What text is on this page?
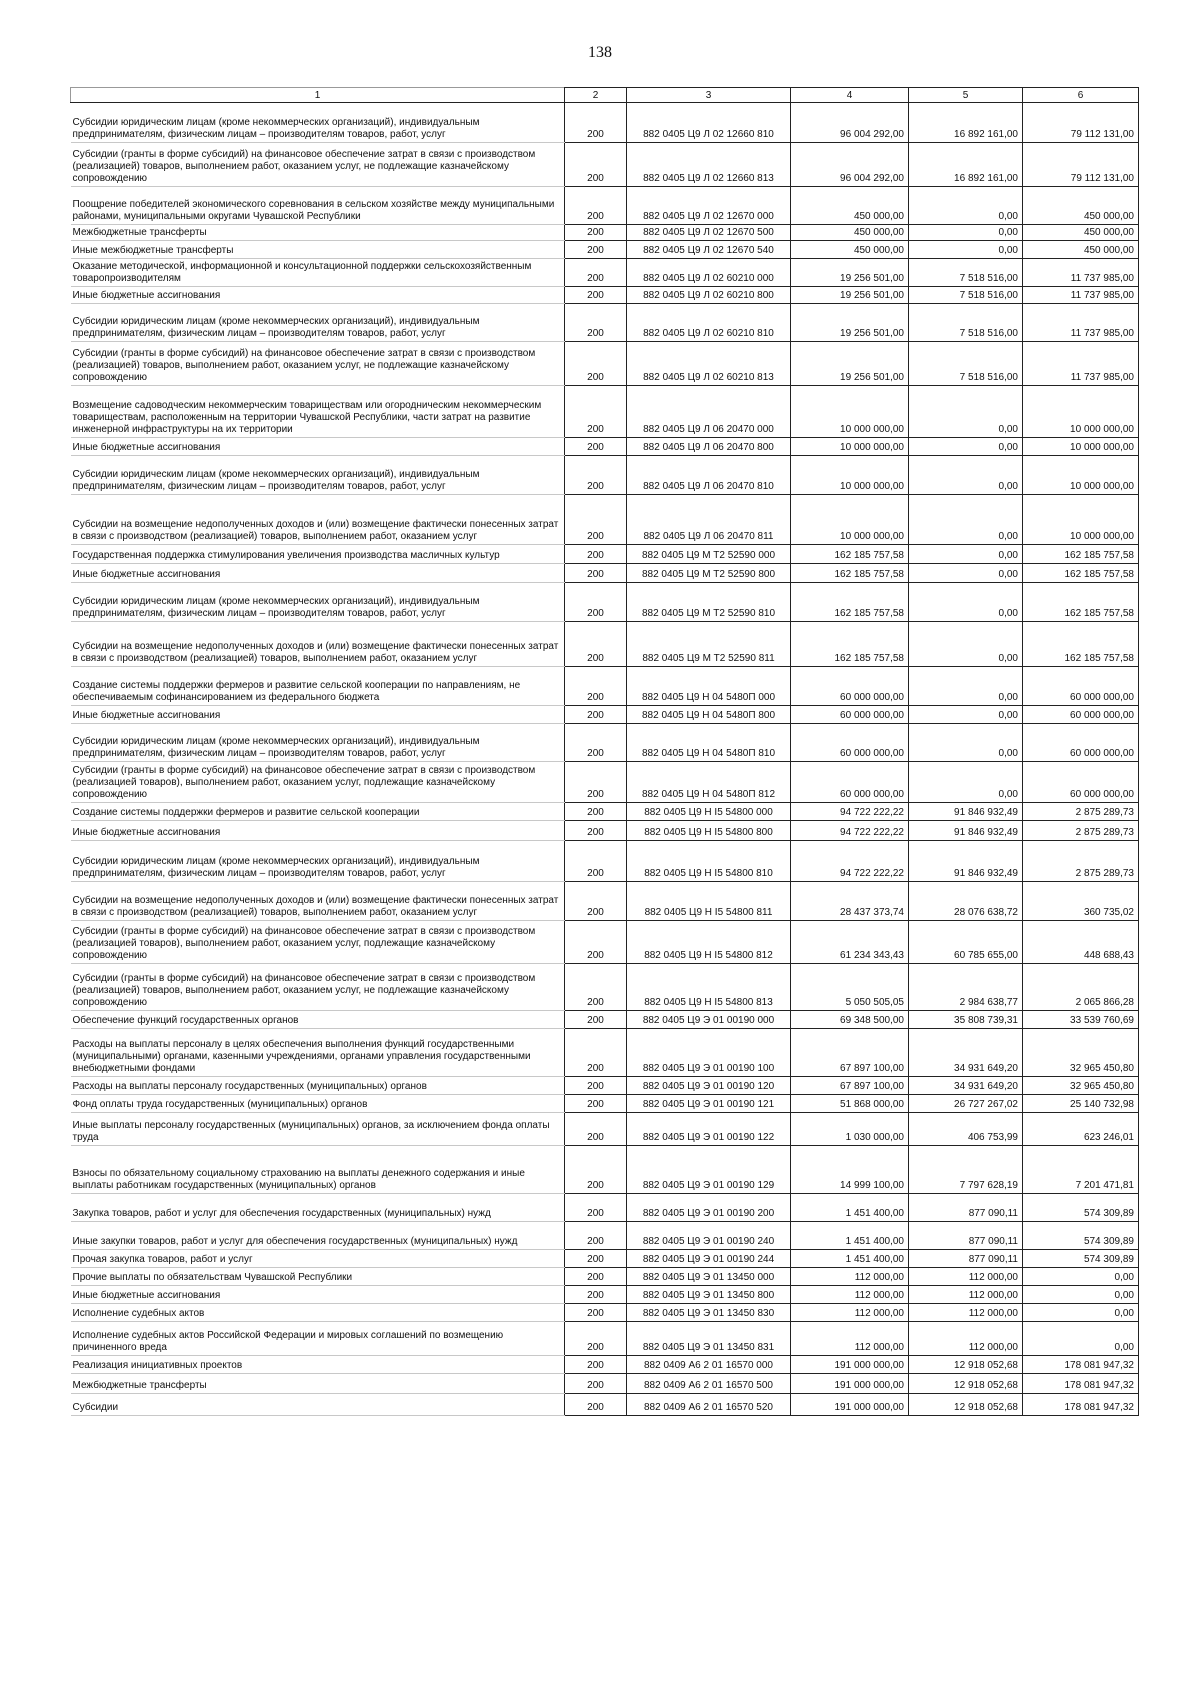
138
1	2	3	4	5	6
Субсидии юридическим лицам (кроме некоммерческих организаций), индивидуальным предпринимателям, физическим лицам – производителям товаров, работ, услуг	200	882 0405 Ц9 Л 02 12660 810	96 004 292,00	16 892 161,00	79 112 131,00
Субсидии (гранты в форме субсидий) на финансовое обеспечение затрат в связи с производством (реализацией) товаров, выполнением работ, оказанием услуг, не подлежащие казначейскому сопровождению	200	882 0405 Ц9 Л 02 12660 813	96 004 292,00	16 892 161,00	79 112 131,00
Поощрение победителей экономического соревнования в сельском хозяйстве между муниципальными районами, муниципальными округами Чувашской Республики	200	882 0405 Ц9 Л 02 12670 000	450 000,00	0,00	450 000,00
Межбюджетные трансферты	200	882 0405 Ц9 Л 02 12670 500	450 000,00	0,00	450 000,00
Иные межбюджетные трансферты	200	882 0405 Ц9 Л 02 12670 540	450 000,00	0,00	450 000,00
Оказание методической, информационной и консультационной поддержки сельскохозяйственным товаропроизводителям	200	882 0405 Ц9 Л 02 60210 000	19 256 501,00	7 518 516,00	11 737 985,00
Иные бюджетные ассигнования	200	882 0405 Ц9 Л 02 60210 800	19 256 501,00	7 518 516,00	11 737 985,00
Субсидии юридическим лицам (кроме некоммерческих организаций), индивидуальным предпринимателям, физическим лицам – производителям товаров, работ, услуг	200	882 0405 Ц9 Л 02 60210 810	19 256 501,00	7 518 516,00	11 737 985,00
Субсидии (гранты в форме субсидий) на финансовое обеспечение затрат в связи с производством (реализацией) товаров, выполнением работ, оказанием услуг, не подлежащие казначейскому сопровождению	200	882 0405 Ц9 Л 02 60210 813	19 256 501,00	7 518 516,00	11 737 985,00
Возмещение садоводческим некоммерческим товариществам или огородническим некоммерческим товариществам, расположенным на территории Чувашской Республики, части затрат на развитие инженерной инфраструктуры на их территории	200	882 0405 Ц9 Л 06 20470 000	10 000 000,00	0,00	10 000 000,00
Иные бюджетные ассигнования	200	882 0405 Ц9 Л 06 20470 800	10 000 000,00	0,00	10 000 000,00
Субсидии юридическим лицам (кроме некоммерческих организаций), индивидуальным предпринимателям, физическим лицам – производителям товаров, работ, услуг	200	882 0405 Ц9 Л 06 20470 810	10 000 000,00	0,00	10 000 000,00
Субсидии на возмещение недополученных доходов и (или) возмещение фактически понесенных затрат в связи с производством (реализацией) товаров, выполнением работ, оказанием услуг	200	882 0405 Ц9 Л 06 20470 811	10 000 000,00	0,00	10 000 000,00
Государственная поддержка стимулирования увеличения производства масличных культур	200	882 0405 Ц9 М Т2 52590 000	162 185 757,58	0,00	162 185 757,58
Иные бюджетные ассигнования	200	882 0405 Ц9 М Т2 52590 800	162 185 757,58	0,00	162 185 757,58
Субсидии юридическим лицам (кроме некоммерческих организаций), индивидуальным предпринимателям, физическим лицам – производителям товаров, работ, услуг	200	882 0405 Ц9 М Т2 52590 810	162 185 757,58	0,00	162 185 757,58
Субсидии на возмещение недополученных доходов и (или) возмещение фактически понесенных затрат в связи с производством (реализацией) товаров, выполнением работ, оказанием услуг	200	882 0405 Ц9 М Т2 52590 811	162 185 757,58	0,00	162 185 757,58
Создание системы поддержки фермеров и развитие сельской кооперации по направлениям, не обеспечиваемым софинансированием из федерального бюджета	200	882 0405 Ц9 Н 04 5480П 000	60 000 000,00	0,00	60 000 000,00
Иные бюджетные ассигнования	200	882 0405 Ц9 Н 04 5480П 800	60 000 000,00	0,00	60 000 000,00
Субсидии юридическим лицам (кроме некоммерческих организаций), индивидуальным предпринимателям, физическим лицам – производителям товаров, работ, услуг	200	882 0405 Ц9 Н 04 5480П 810	60 000 000,00	0,00	60 000 000,00
Субсидии (гранты в форме субсидий) на финансовое обеспечение затрат в связи с производством (реализацией товаров), выполнением работ, оказанием услуг, подлежащие казначейскому сопровождению	200	882 0405 Ц9 Н 04 5480П 812	60 000 000,00	0,00	60 000 000,00
Создание системы поддержки фермеров и развитие сельской кооперации	200	882 0405 Ц9 Н I5 54800 000	94 722 222,22	91 846 932,49	2 875 289,73
Иные бюджетные ассигнования	200	882 0405 Ц9 Н I5 54800 800	94 722 222,22	91 846 932,49	2 875 289,73
Субсидии юридическим лицам (кроме некоммерческих организаций), индивидуальным предпринимателям, физическим лицам – производителям товаров, работ, услуг	200	882 0405 Ц9 Н I5 54800 810	94 722 222,22	91 846 932,49	2 875 289,73
Субсидии на возмещение недополученных доходов и (или) возмещение фактически понесенных затрат в связи с производством (реализацией) товаров, выполнением работ, оказанием услуг	200	882 0405 Ц9 Н I5 54800 811	28 437 373,74	28 076 638,72	360 735,02
Субсидии (гранты в форме субсидий) на финансовое обеспечение затрат в связи с производством (реализацией товаров), выполнением работ, оказанием услуг, подлежащие казначейскому сопровождению	200	882 0405 Ц9 Н I5 54800 812	61 234 343,43	60 785 655,00	448 688,43
Субсидии (гранты в форме субсидий) на финансовое обеспечение затрат в связи с производством (реализацией) товаров, выполнением работ, оказанием услуг, не подлежащие казначейскому сопровождению	200	882 0405 Ц9 Н I5 54800 813	5 050 505,05	2 984 638,77	2 065 866,28
Обеспечение функций государственных органов	200	882 0405 Ц9 Э 01 00190 000	69 348 500,00	35 808 739,31	33 539 760,69
Расходы на выплаты персоналу в целях обеспечения выполнения функций государственными (муниципальными) органами, казенными учреждениями, органами управления государственными внебюджетными фондами	200	882 0405 Ц9 Э 01 00190 100	67 897 100,00	34 931 649,20	32 965 450,80
Расходы на выплаты персоналу государственных (муниципальных) органов	200	882 0405 Ц9 Э 01 00190 120	67 897 100,00	34 931 649,20	32 965 450,80
Фонд оплаты труда государственных (муниципальных) органов	200	882 0405 Ц9 Э 01 00190 121	51 868 000,00	26 727 267,02	25 140 732,98
Иные выплаты персоналу государственных (муниципальных) органов, за исключением фонда оплаты труда	200	882 0405 Ц9 Э 01 00190 122	1 030 000,00	406 753,99	623 246,01
Взносы по обязательному социальному страхованию на выплаты денежного содержания и иные выплаты работникам государственных (муниципальных) органов	200	882 0405 Ц9 Э 01 00190 129	14 999 100,00	7 797 628,19	7 201 471,81
Закупка товаров, работ и услуг для обеспечения государственных (муниципальных) нужд	200	882 0405 Ц9 Э 01 00190 200	1 451 400,00	877 090,11	574 309,89
Иные закупки товаров, работ и услуг для обеспечения государственных (муниципальных) нужд	200	882 0405 Ц9 Э 01 00190 240	1 451 400,00	877 090,11	574 309,89
Прочая закупка товаров, работ и услуг	200	882 0405 Ц9 Э 01 00190 244	1 451 400,00	877 090,11	574 309,89
Прочие выплаты по обязательствам Чувашской Республики	200	882 0405 Ц9 Э 01 13450 000	112 000,00	112 000,00	0,00
Иные бюджетные ассигнования	200	882 0405 Ц9 Э 01 13450 800	112 000,00	112 000,00	0,00
Исполнение судебных актов	200	882 0405 Ц9 Э 01 13450 830	112 000,00	112 000,00	0,00
Исполнение судебных актов Российской Федерации и мировых соглашений по возмещению причиненного вреда	200	882 0405 Ц9 Э 01 13450 831	112 000,00	112 000,00	0,00
Реализация инициативных проектов	200	882 0409 А6 2 01 16570 000	191 000 000,00	12 918 052,68	178 081 947,32
Межбюджетные трансферты	200	882 0409 А6 2 01 16570 500	191 000 000,00	12 918 052,68	178 081 947,32
Субсидии	200	882 0409 А6 2 01 16570 520	191 000 000,00	12 918 052,68	178 081 947,32
